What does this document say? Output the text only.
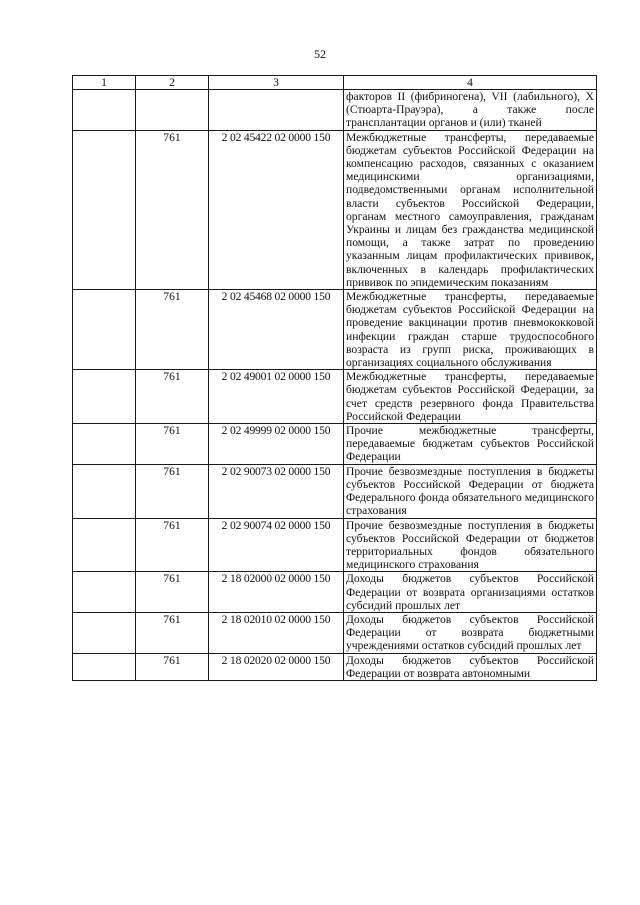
52
1	2	3	4
			факторов II (фибриногена), VII (лабильного), X (Стюарта-Прауэра), а также после трансплантации органов и (или) тканей
	761	2 02 45422 02 0000 150	Межбюджетные трансферты, передаваемые бюджетам субъектов Российской Федерации на компенсацию расходов, связанных с оказанием медицинскими организациями, подведомственными органам исполнительной власти субъектов Российской Федерации, органам местного самоуправления, гражданам Украины и лицам без гражданства медицинской помощи, а также затрат по проведению указанным лицам профилактических прививок, включенных в календарь профилактических прививок по эпидемическим показаниям
	761	2 02 45468 02 0000 150	Межбюджетные трансферты, передаваемые бюджетам субъектов Российской Федерации на проведение вакцинации против пневмококковой инфекции граждан старше трудоспособного возраста из групп риска, проживающих в организациях социального обслуживания
	761	2 02 49001 02 0000 150	Межбюджетные трансферты, передаваемые бюджетам субъектов Российской Федерации, за счет средств резервного фонда Правительства Российской Федерации
	761	2 02 49999 02 0000 150	Прочие межбюджетные трансферты, передаваемые бюджетам субъектов Российской Федерации
	761	2 02 90073 02 0000 150	Прочие безвозмездные поступления в бюджеты субъектов Российской Федерации от бюджета Федерального фонда обязательного медицинского страхования
	761	2 02 90074 02 0000 150	Прочие безвозмездные поступления в бюджеты субъектов Российской Федерации от бюджетов территориальных фондов обязательного медицинского страхования
	761	2 18 02000 02 0000 150	Доходы бюджетов субъектов Российской Федерации от возврата организациями остатков субсидий прошлых лет
	761	2 18 02010 02 0000 150	Доходы бюджетов субъектов Российской Федерации от возврата бюджетными учреждениями остатков субсидий прошлых лет
	761	2 18 02020 02 0000 150	Доходы бюджетов субъектов Российской Федерации от возврата автономными
